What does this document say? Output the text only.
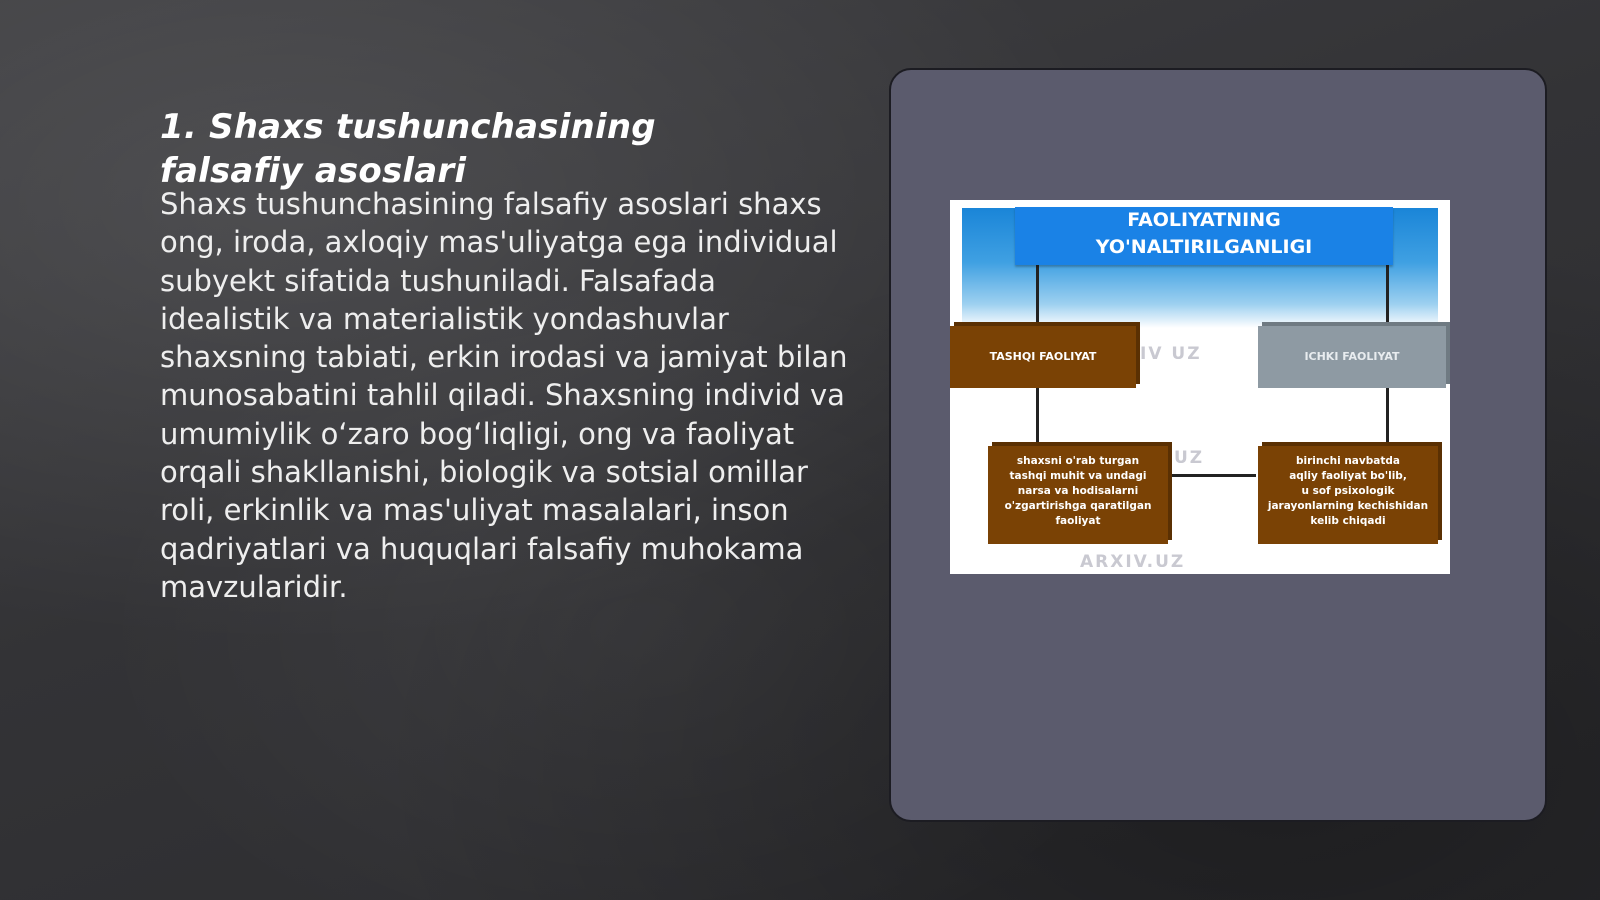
1. Shaxs tushunchasining falsafiy asoslari

Shaxs tushunchasining falsafiy asoslari shaxs ong, iroda, axloqiy mas'uliyatga ega individual subyekt sifatida tushuniladi. Falsafada idealistik va materialistik yondashuvlar shaxsning tabiati, erkin irodasi va jamiyat bilan munosabatini tahlil qiladi. Shaxsning individ va umumiylik oʻzaro bogʻliqligi, ong va faoliyat orqali shakllanishi, biologik va sotsial omillar roli, erkinlik va mas'uliyat masalalari, inson qadriyatlari va huquqlari falsafiy muhokama mavzularidir.

FAOLIYATNING
YO'NALTIRILGANLIGI
IV UZ
UZ
ARXIV.UZ
TASHQI FAOLIYAT	ICHKI FAOLIYAT
shaxsni o'rab turgan
tashqi muhit va undagi
narsa va hodisalarni
o'zgartirishga qaratilgan
faoliyat
birinchi navbatda
aqliy faoliyat bo'lib,
u sof psixologik
jarayonlarning kechishidan
kelib chiqadi
